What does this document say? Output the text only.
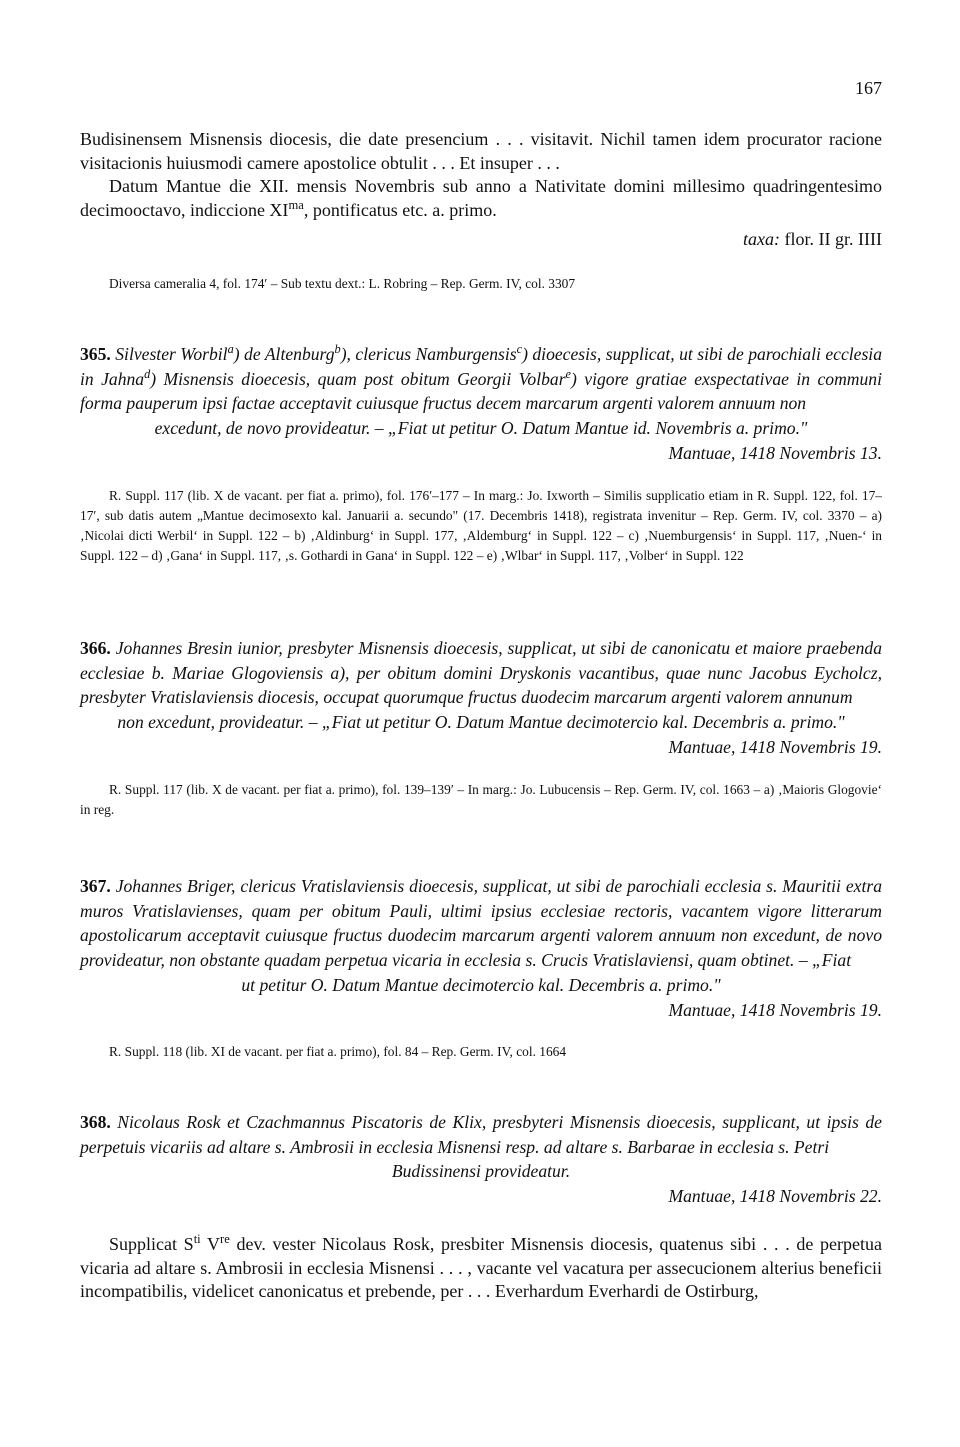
167
Budisinensem Misnensis diocesis, die date presencium . . . visitavit. Nichil tamen idem procurator racione visitacionis huiusmodi camere apostolice obtulit . . . Et insuper . . .
Datum Mantue die XII. mensis Novembris sub anno a Nativitate domini millesimo quadringentesimo decimooctavo, indiccione $XI^{ma}$, pontificatus etc. a. primo.
taxa: flor. II gr. IIII
Diversa cameralia 4, fol. 174′ – Sub textu dext.: L. Robring – Rep. Germ. IV, col. 3307
365. Silvester Worbil$^a$) de Altenburg$^b$), clericus Namburgensis$^c$) dioecesis, supplicat, ut sibi de parochiali ecclesia in Jahna$^d$) Misnensis dioecesis, quam post obitum Georgii Volbar$^e$) vigore gratiae exspectativae in communi forma pauperum ipsi factae acceptavit cuiusque fructus decem marcarum argenti valorem annuum non
excedunt, de novo provideatur. – „Fiat ut petitur O. Datum Mantue id. Novembris a. primo."
Mantuae, 1418 Novembris 13.
R. Suppl. 117 (lib. X de vacant. per fiat a. primo), fol. 176′–177 – In marg.: Jo. Ixworth – Similis supplicatio etiam in R. Suppl. 122, fol. 17–17′, sub datis autem „Mantue decimosexto kal. Januarii a. secundo" (17. Decembris 1418), registrata invenitur – Rep. Germ. IV, col. 3370 – a) ‚Nicolai dicti Werbil‘ in Suppl. 122 – b) ‚Aldinburg‘ in Suppl. 177, ‚Aldemburg‘ in Suppl. 122 – c) ‚Nuemburgensis‘ in Suppl. 117, ‚Nuen-‘ in Suppl. 122 – d) ‚Gana‘ in Suppl. 117, ‚s. Gothardi in Gana‘ in Suppl. 122 – e) ‚Wlbar‘ in Suppl. 117, ‚Volber‘ in Suppl. 122
366. Johannes Bresin iunior, presbyter Misnensis dioecesis, supplicat, ut sibi de canonicatu et maiore praebenda ecclesiae b. Mariae Glogoviensis a), per obitum domini Dryskonis vacantibus, quae nunc Jacobus Eycholcz, presbyter Vratislaviensis diocesis, occupat quorumque fructus duodecim marcarum argenti valorem annunum
non excedunt, provideatur. – „Fiat ut petitur O. Datum Mantue decimotercio kal. Decembris a. primo."
Mantuae, 1418 Novembris 19.
R. Suppl. 117 (lib. X de vacant. per fiat a. primo), fol. 139–139′ – In marg.: Jo. Lubucensis – Rep. Germ. IV, col. 1663 – a) ‚Maioris Glogovie‘ in reg.
367. Johannes Briger, clericus Vratislaviensis dioecesis, supplicat, ut sibi de parochiali ecclesia s. Mauritii extra muros Vratislavienses, quam per obitum Pauli, ultimi ipsius ecclesiae rectoris, vacantem vigore litterarum apostolicarum acceptavit cuiusque fructus duodecim marcarum argenti valorem annuum non excedunt, de novo provideatur, non obstante quadam perpetua vicaria in ecclesia s. Crucis Vratislaviensi, quam obtinet. – „Fiat
ut petitur O. Datum Mantue decimotercio kal. Decembris a. primo."
Mantuae, 1418 Novembris 19.
R. Suppl. 118 (lib. XI de vacant. per fiat a. primo), fol. 84 – Rep. Germ. IV, col. 1664
368. Nicolaus Rosk et Czachmannus Piscatoris de Klix, presbyteri Misnensis dioecesis, supplicant, ut ipsis de perpetuis vicariis ad altare s. Ambrosii in ecclesia Misnensi resp. ad altare s. Barbarae in ecclesia s. Petri
Budissinensi provideatur.
Mantuae, 1418 Novembris 22.
Supplicat $S^{ti}$ Vre dev. vester Nicolaus Rosk, presbiter Misnensis diocesis, quatenus sibi . . . de perpetua vicaria ad altare s. Ambrosii in ecclesia Misnensi . . . , vacante vel vacatura per assecucionem alterius beneficii incompatibilis, videlicet canonicatus et prebende, per . . . Everhardum Everhardi de Ostirburg,
